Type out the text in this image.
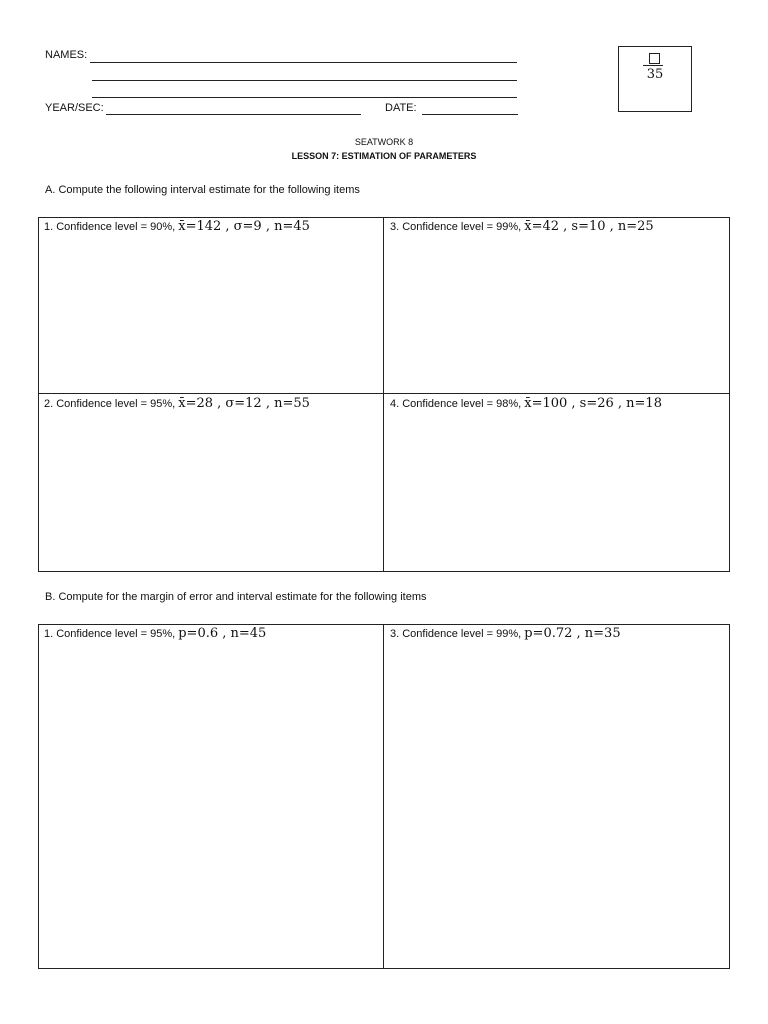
NAMES:
YEAR/SEC:	DATE:
35
SEATWORK 8
LESSON 7: ESTIMATION OF PARAMETERS
A. Compute the following interval estimate for the following items
1. Confidence level = 90%, x̄=142 , σ=9 , n=45	3. Confidence level = 99%, x̄=42 , s=10 , n=25
2. Confidence level = 95%, x̄=28 , σ=12 , n=55	4. Confidence level = 98%, x̄=100 , s=26 , n=18
B. Compute for the margin of error and interval estimate for the following items
1. Confidence level = 95%, p=0.6 , n=45	3. Confidence level = 99%, p=0.72 , n=35
